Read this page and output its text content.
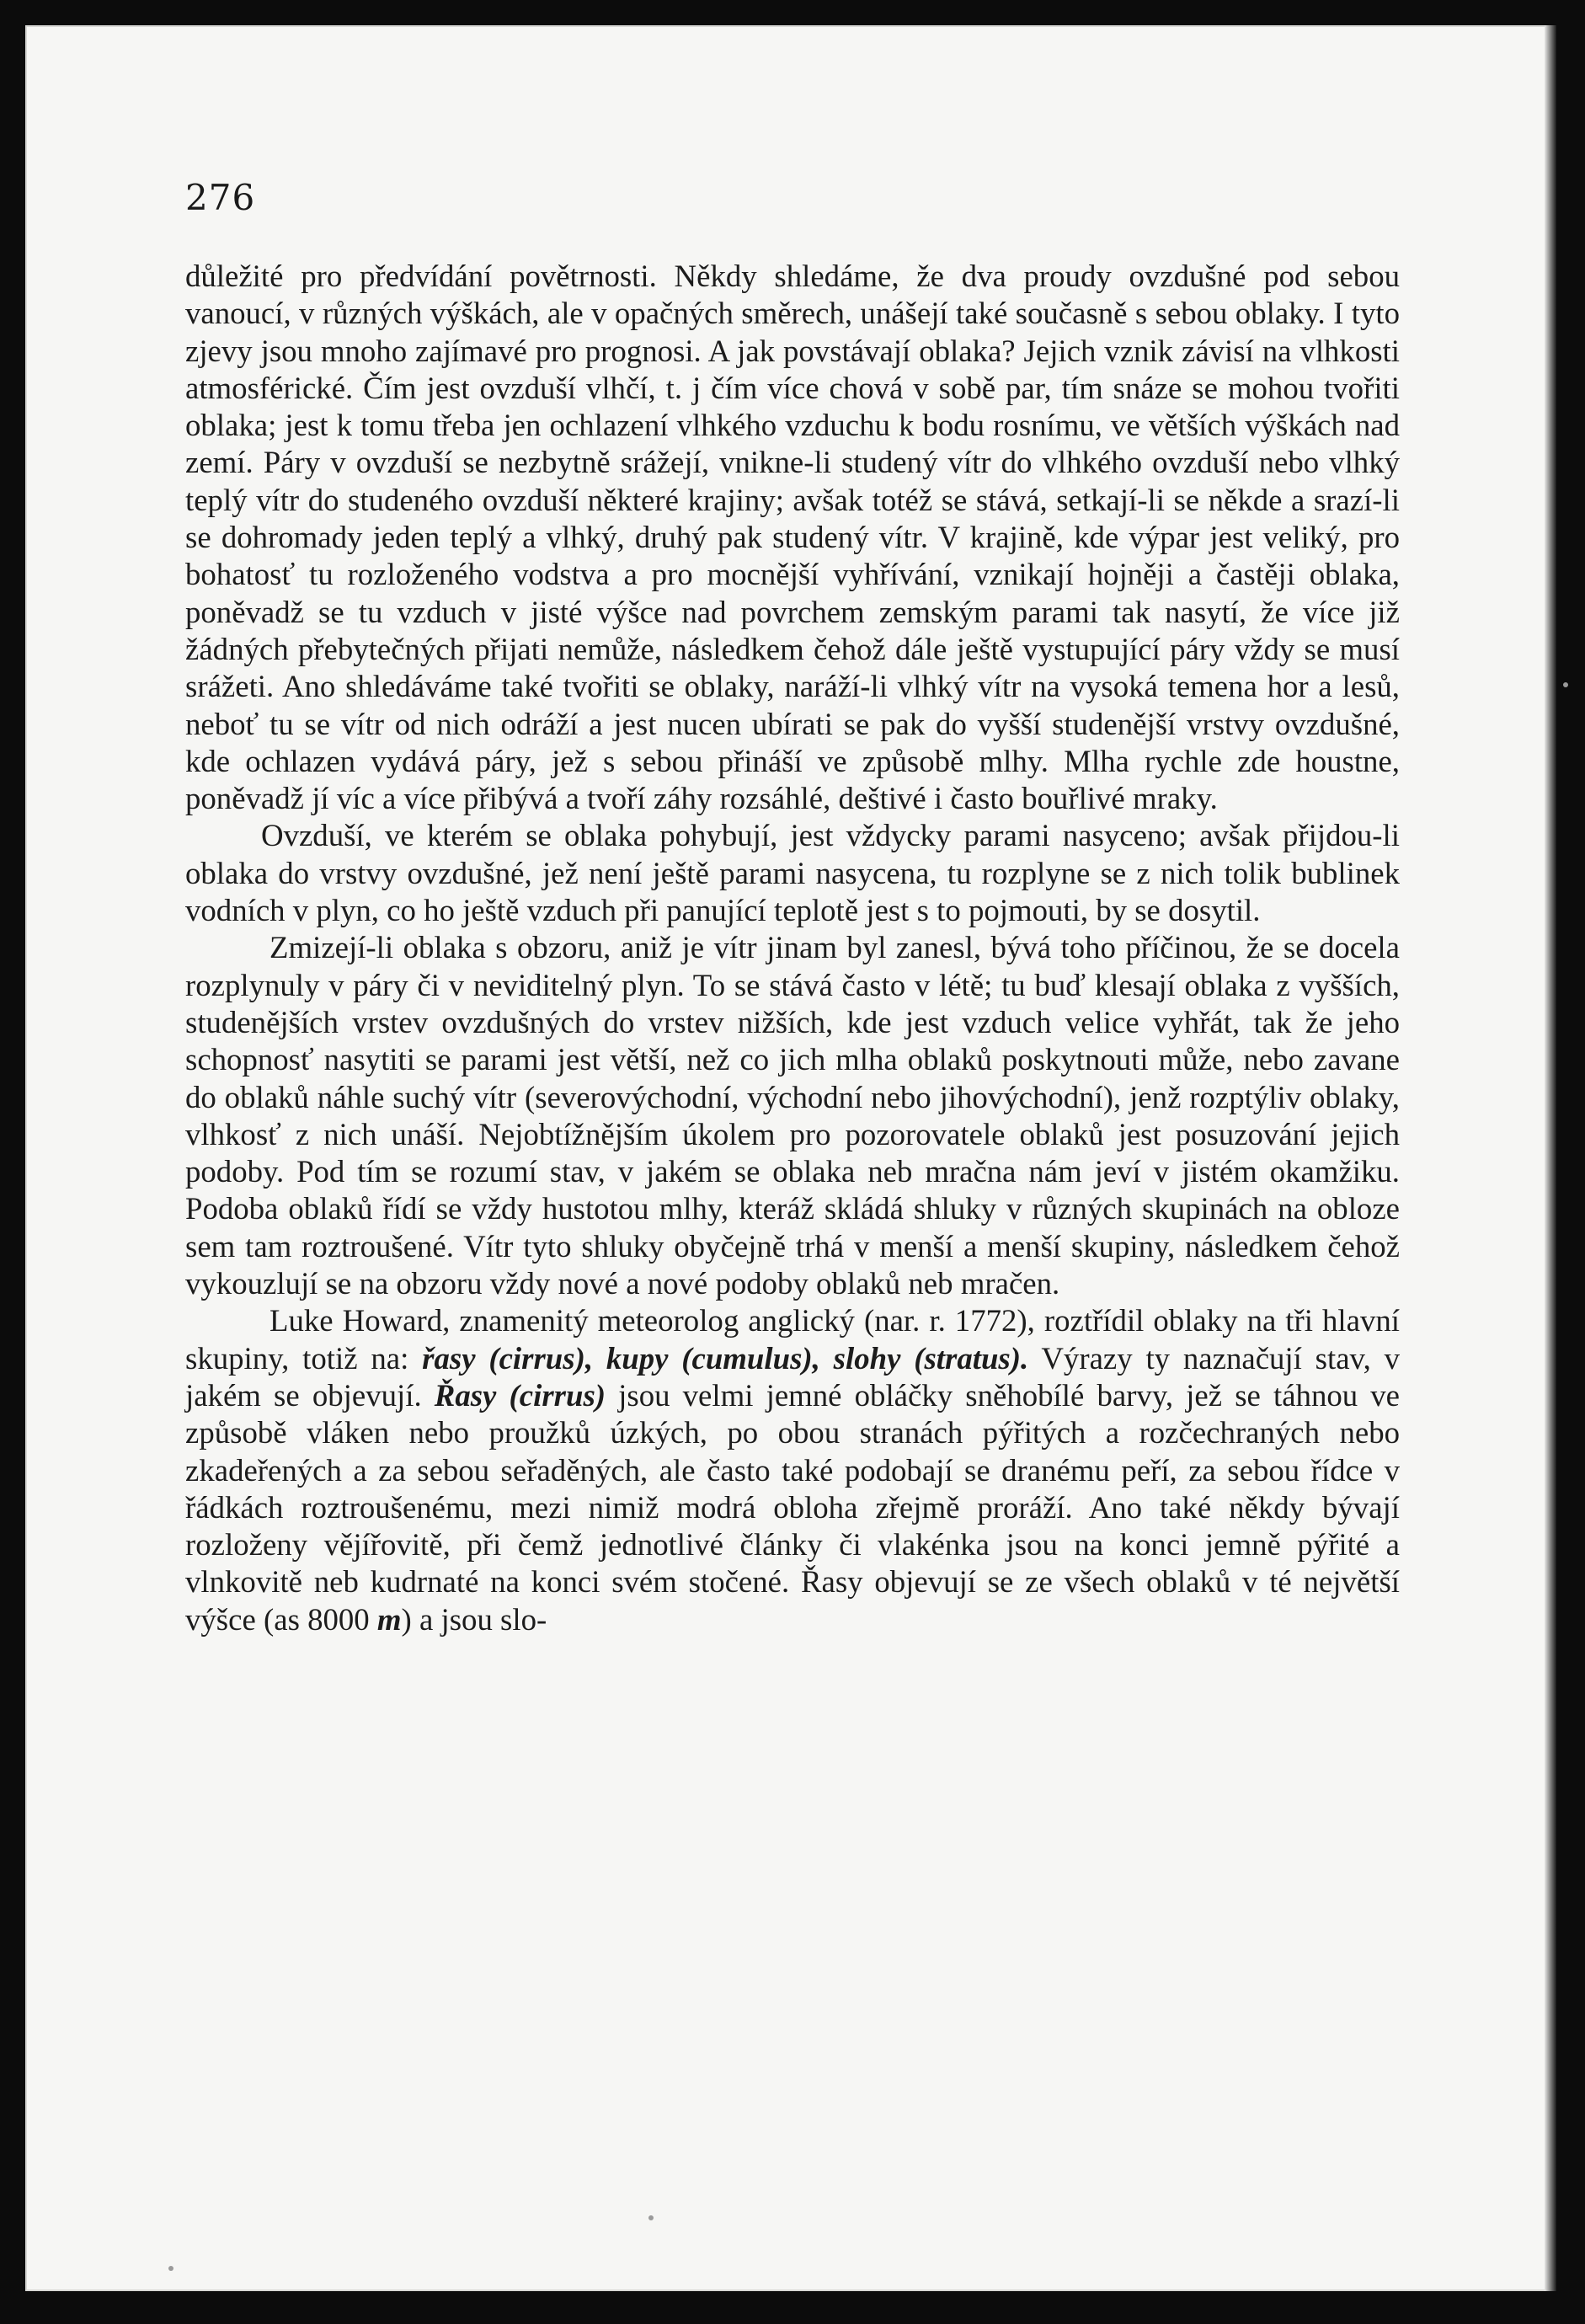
276

důležité pro předvídání povětrnosti. Někdy shledáme, že dva proudy ovzdušné pod sebou vanoucí, v různých výškách, ale v opačných směrech, unášejí také současně s sebou oblaky. I tyto zjevy jsou mnoho zajímavé pro prognosi. A jak povstávají oblaka? Jejich vznik závisí na vlhkosti atmosférické. Čím jest ovzduší vlhčí, t. j čím více chová v sobě par, tím snáze se mohou tvořiti oblaka; jest k tomu třeba jen ochlazení vlhkého vzduchu k bodu rosnímu, ve větších výškách nad zemí. Páry v ovzduší se nezbytně srážejí, vnikne-li studený vítr do vlhkého ovzduší nebo vlhký teplý vítr do studeného ovzduší některé krajiny; avšak totéž se stává, setkají-li se někde a srazí-li se dohromady jeden teplý a vlhký, druhý pak studený vítr. V krajině, kde výpar jest veliký, pro bohatosť tu rozloženého vodstva a pro mocnější vyhřívání, vznikají hojněji a častěji oblaka, poněvadž se tu vzduch v jisté výšce nad povrchem zemským parami tak nasytí, že více již žádných přebytečných přijati nemůže, následkem čehož dále ještě vystupující páry vždy se musí srážeti. Ano shledáváme také tvořiti se oblaky, naráží-li vlhký vítr na vysoká temena hor a lesů, neboť tu se vítr od nich odráží a jest nucen ubírati se pak do vyšší studenější vrstvy ovzdušné, kde ochlazen vydává páry, jež s sebou přináší ve způsobě mlhy. Mlha rychle zde houstne, poněvadž jí víc a více přibývá a tvoří záhy rozsáhlé, deštivé i často bouřlivé mraky.

Ovzduší, ve kterém se oblaka pohybují, jest vždycky parami nasyceno; avšak přijdou-li oblaka do vrstvy ovzdušné, jež není ještě parami nasycena, tu rozplyne se z nich tolik bublinek vodních v plyn, co ho ještě vzduch při panující teplotě jest s to pojmouti, by se dosytil.

Zmizejí-li oblaka s obzoru, aniž je vítr jinam byl zanesl, bývá toho příčinou, že se docela rozplynuly v páry či v neviditelný plyn. To se stává často v létě; tu buď klesají oblaka z vyšších, studenějších vrstev ovzdušných do vrstev nižších, kde jest vzduch velice vyhřát, tak že jeho schopnosť nasytiti se parami jest větší, než co jich mlha oblaků poskytnouti může, nebo zavane do oblaků náhle suchý vítr (severovýchodní, východní nebo jihovýchodní), jenž rozptýliv oblaky, vlhkosť z nich unáší. Nejobtížnějším úkolem pro pozorovatele oblaků jest posuzování jejich podoby. Pod tím se rozumí stav, v jakém se oblaka neb mračna nám jeví v jistém okamžiku. Podoba oblaků řídí se vždy hustotou mlhy, kteráž skládá shluky v různých skupinách na obloze sem tam roztroušené. Vítr tyto shluky obyčejně trhá v menší a menší skupiny, následkem čehož vykouzlují se na obzoru vždy nové a nové podoby oblaků neb mračen.

Luke Howard, znamenitý meteorolog anglický (nar. r. 1772), roztřídil oblaky na tři hlavní skupiny, totiž na: řasy (cirrus), kupy (cumulus), slohy (stratus). Výrazy ty naznačují stav, v jakém se objevují. Řasy (cirrus) jsou velmi jemné obláčky sněhobílé barvy, jež se táhnou ve způsobě vláken nebo proužků úzkých, po obou stranách pýřitých a rozčechraných nebo zkadeřených a za sebou seřaděných, ale často také podobají se dranému peří, za sebou řídce v řádkách roztroušenému, mezi nimiž modrá obloha zřejmě proráží. Ano také někdy bývají rozloženy vějířovitě, při čemž jednotlivé články či vlakénka jsou na konci jemně pýřité a vlnkovitě neb kudrnaté na konci svém stočené. Řasy objevují se ze všech oblaků v té největší výšce (as 8000 m) a jsou slo-
